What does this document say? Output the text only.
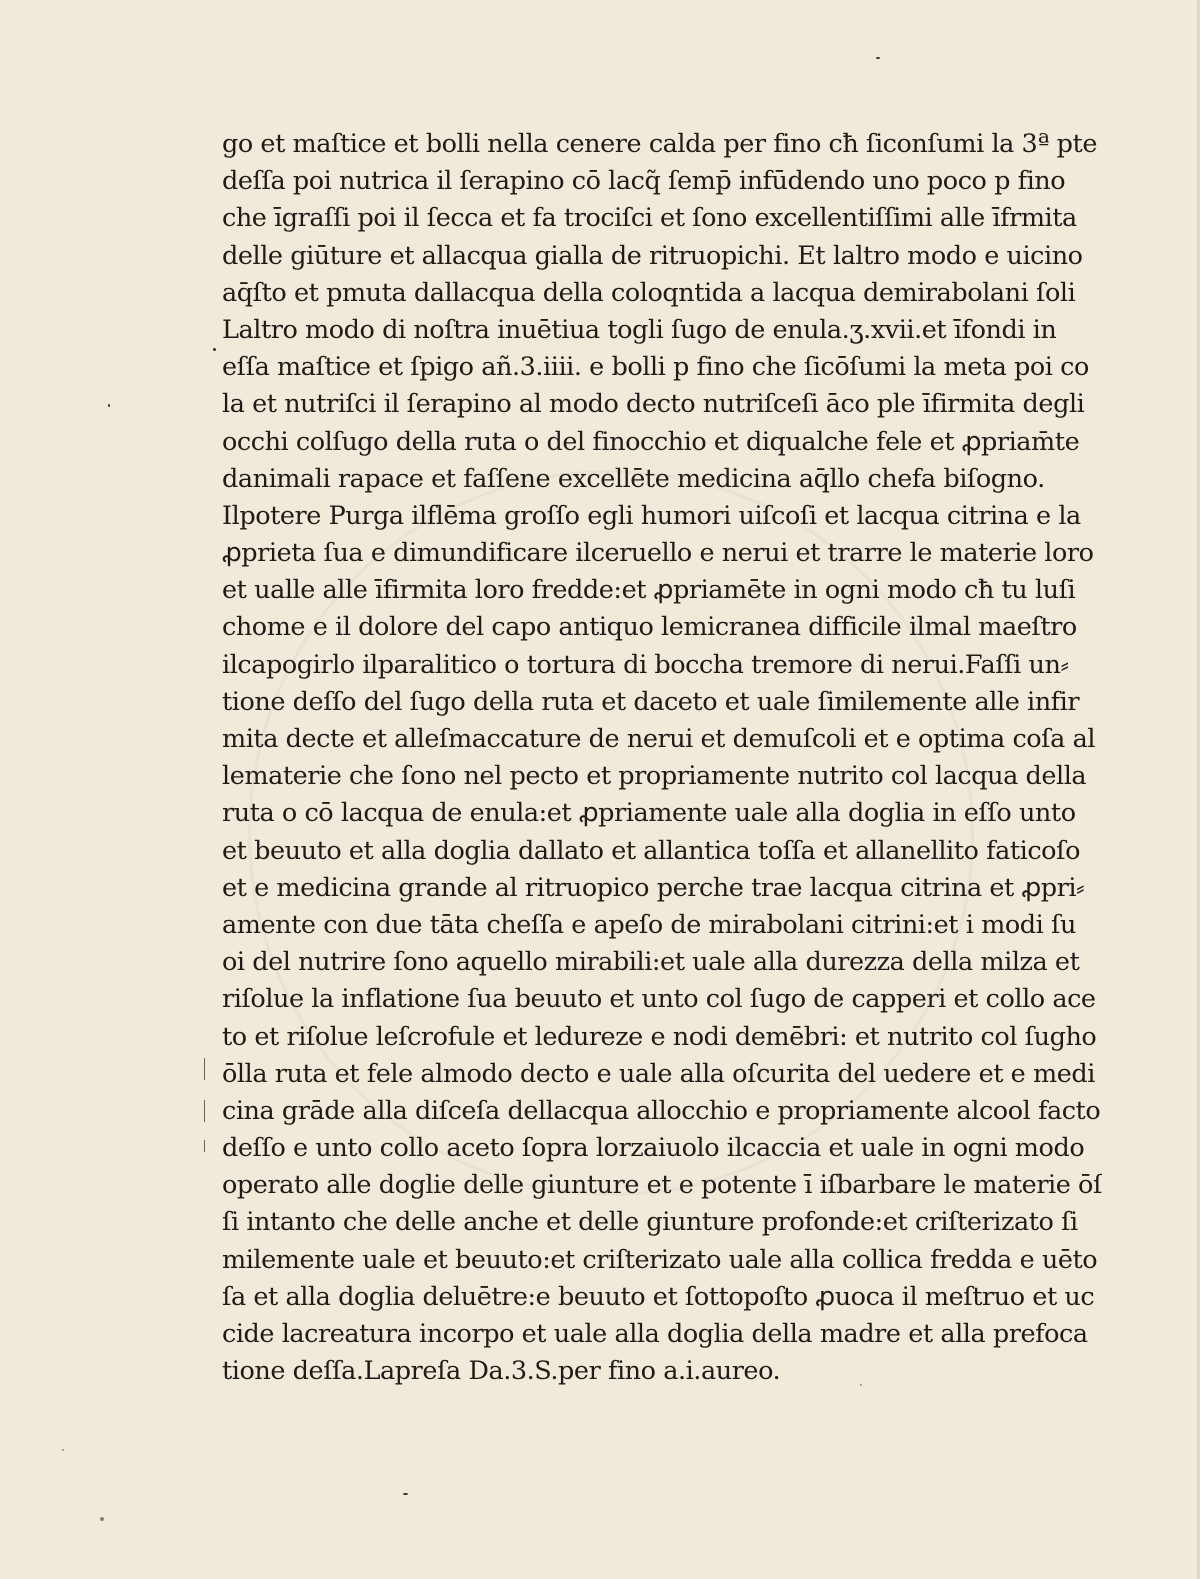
go et maſtice et bolli nella cenere calda per fino cħ ſiconſumi la 3ª pte
deſſa poi nutrica il ſerapino cō lacq̃ ſemp̄ infūdendo uno poco p fino
che īgraſſi poi il ſecca et fa trociſci et ſono excellentiſſimi alle īfrmita
delle giūture et allacqua gialla de ritruopichi. Et laltro modo e uicino
aq̄ſto et pmuta dallacqua della coloqntida a lacqua demirabolani ſoli
Laltro modo di noſtra inuētiua togli ſugo de enula.ʒ.xvii.et īfondi in
eſſa maſtice et ſpigo añ.3.iiii. e bolli p fino che ſicōſumi la meta poi co
la et nutriſci il ſerapino al modo decto nutriſceſi āco ple īfirmita degli
occhi colſugo della ruta o del finocchio et diqualche fele et ꝓpriam̄te
danimali rapace et faſſene excellēte medicina aq̄llo chefa biſogno.
Ilpotere Purga ilflēma groſſo egli humori uiſcoſi et lacqua citrina e la
ꝓprieta ſua e dimundificare ilceruello e nerui et trarre le materie loro
et ualle alle īfirmita loro fredde:et ꝓpriamēte in ogni modo cħ tu luſi
chome e il dolore del capo antiquo lemicranea difficile ilmal maeſtro
ilcapogirlo ilparalitico o tortura di boccha tremore di nerui.Faſſi un⸗
tione deſſo del ſugo della ruta et daceto et uale ſimilemente alle infir
mita decte et alleſmaccature de nerui et demuſcoli et e optima coſa al
lematerie che ſono nel pecto et propriamente nutrito col lacqua della
ruta o cō lacqua de enula:et ꝓpriamente uale alla doglia in eſſo unto
et beuuto et alla doglia dallato et allantica toſſa et allanellito faticoſo
et e medicina grande al ritruopico perche trae lacqua citrina et ꝓpri⸗
amente con due tāta cheſſa e apeſo de mirabolani citrini:et i modi ſu
oi del nutrire ſono aquello mirabili:et uale alla durezza della milza et
riſolue la inflatione ſua beuuto et unto col ſugo de capperi et collo ace
to et riſolue leſcrofule et ledureze e nodi demēbri: et nutrito col ſugho
ōlla ruta et fele almodo decto e uale alla oſcurita del uedere et e medi
cina grāde alla diſceſa dellacqua allocchio e propriamente alcool facto
deſſo e unto collo aceto ſopra lorzaiuolo ilcaccia et uale in ogni modo
operato alle doglie delle giunture et e potente ī iſbarbare le materie ōſ
ſi intanto che delle anche et delle giunture profonde:et criſterizato ſi
milemente uale et beuuto:et criſterizato uale alla collica fredda e uēto
ſa et alla doglia deluētre:e beuuto et ſottopoſto ꝓuoca il meſtruo et uc
cide lacreatura incorpo et uale alla doglia della madre et alla prefoca
tione deſſa.Lapreſa Da.3.S.per fino a.i.aureo.
